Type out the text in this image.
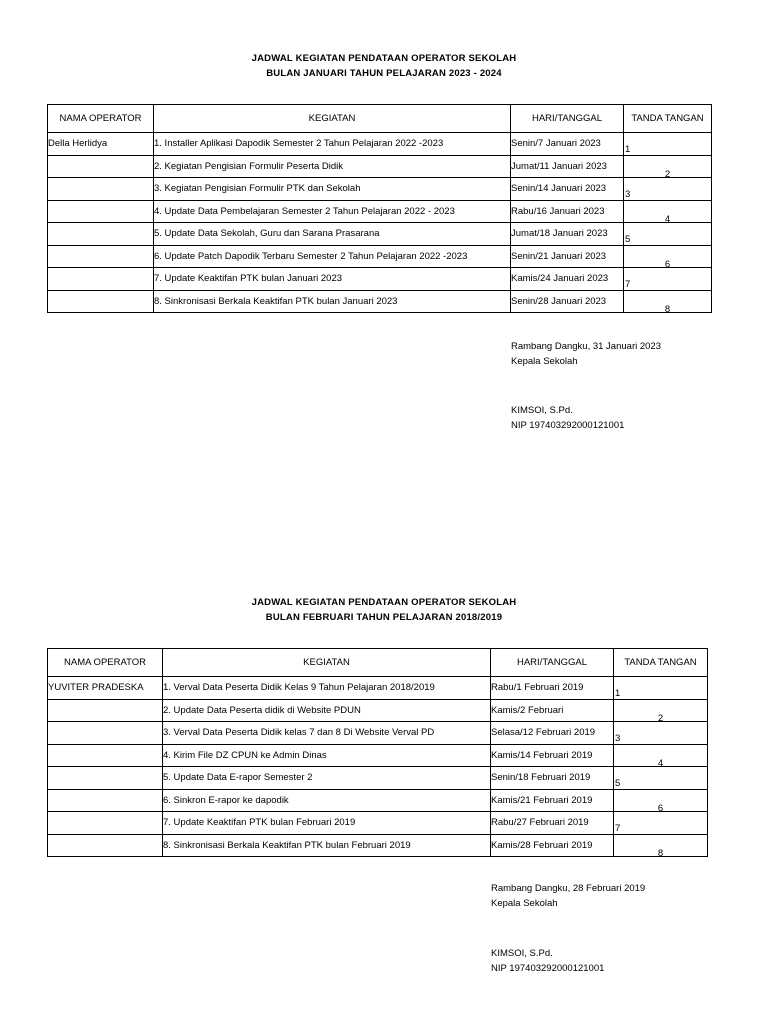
JADWAL KEGIATAN PENDATAAN OPERATOR SEKOLAH
BULAN JANUARI TAHUN PELAJARAN 2023 - 2024
NAMA OPERATOR	KEGIATAN	HARI/TANGGAL	TANDA TANGAN
Della Herlidya	1. Installer Aplikasi Dapodik Semester 2 Tahun Pelajaran 2022 -2023	Senin/7 Januari 2023	1

	2. Kegiatan Pengisian Formulir Peserta Didik	Jumat/11 Januari 2023	2

	3. Kegiatan Pengisian Formulir PTK dan Sekolah	Senin/14 Januari 2023	3

	4. Update Data Pembelajaran Semester 2 Tahun Pelajaran 2022 - 2023	Rabu/16 Januari 2023	4

	5. Update Data Sekolah, Guru dan Sarana Prasarana	Jumat/18 Januari 2023	5

	6. Update Patch Dapodik Terbaru Semester 2 Tahun Pelajaran 2022 -2023	Senin/21 Januari 2023	6

	7. Update Keaktifan PTK bulan Januari 2023	Kamis/24 Januari 2023	7

	8. Sinkronisasi Berkala Keaktifan PTK bulan Januari 2023	Senin/28 Januari 2023	8
Rambang Dangku, 31 Januari 2023
Kepala Sekolah
KIMSOI, S.Pd.
NIP 197403292000121001
JADWAL KEGIATAN PENDATAAN OPERATOR SEKOLAH
BULAN FEBRUARI TAHUN PELAJARAN 2018/2019
NAMA OPERATOR	KEGIATAN	HARI/TANGGAL	TANDA TANGAN
YUVITER PRADESKA	1. Verval Data Peserta Didik Kelas 9 Tahun Pelajaran 2018/2019	Rabu/1 Februari 2019	1

	2. Update Data Peserta didik di Website PDUN	Kamis/2 Februari	2

	3. Verval Data Peserta Didik kelas 7 dan 8 Di Website Verval PD	Selasa/12 Februari 2019	3

	4. Kirim File DZ CPUN ke Admin Dinas	Kamis/14 Februari 2019	4

	5. Update Data E-rapor Semester 2	Senin/18 Februari 2019	5

	6. Sinkron E-rapor ke dapodik	Kamis/21 Februari 2019	6

	7. Update Keaktifan PTK bulan Februari 2019	Rabu/27 Februari 2019	7

	8. Sinkronisasi Berkala Keaktifan PTK bulan Februari 2019	Kamis/28 Februari 2019	8
Rambang Dangku, 28 Februari 2019
Kepala Sekolah
KIMSOI, S.Pd.
NIP 197403292000121001
